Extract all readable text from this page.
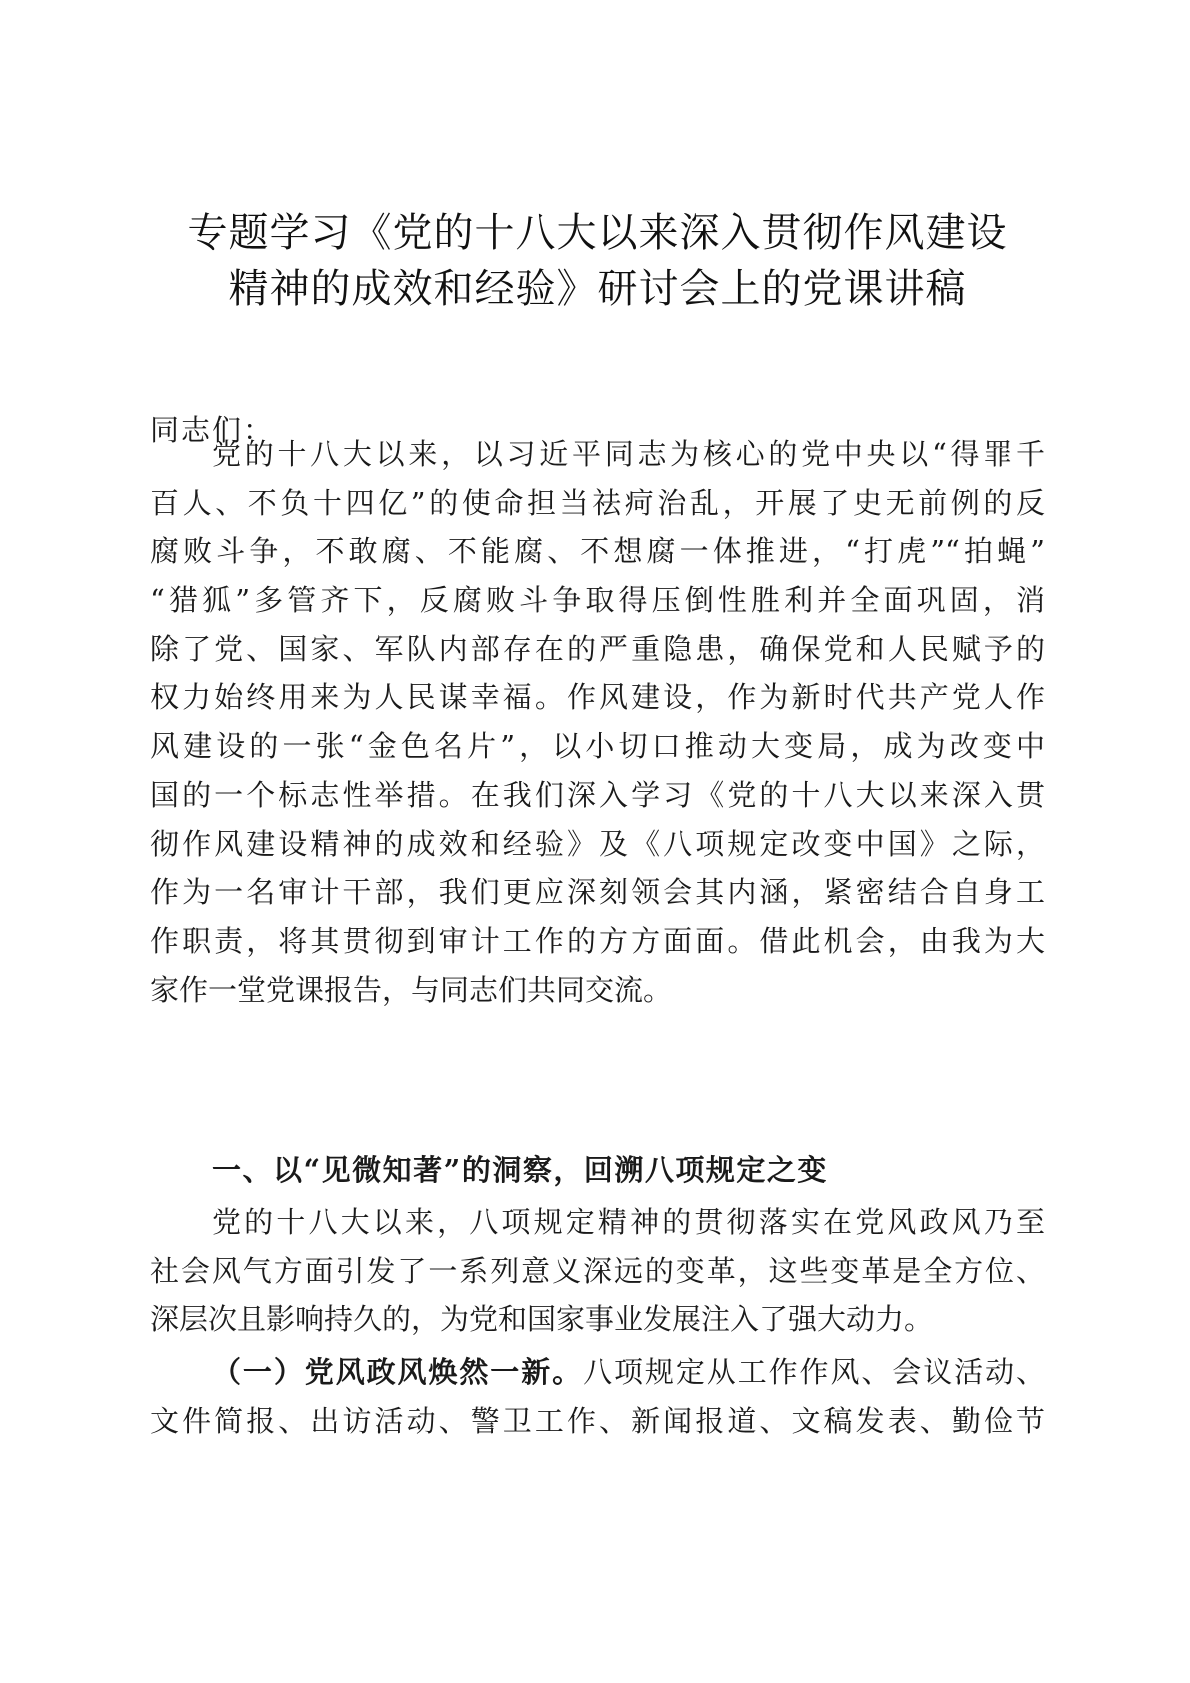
专题学习《党的十八大以来深入贯彻作风建设
精神的成效和经验》研讨会上的党课讲稿
同志们：
党的十八大以来，以习近平同志为核心的党中央以“得罪千
百人、不负十四亿”的使命担当祛疴治乱，开展了史无前例的反
腐败斗争，不敢腐、不能腐、不想腐一体推进，“打虎”“拍蝇”
“猎狐”多管齐下，反腐败斗争取得压倒性胜利并全面巩固，消
除了党、国家、军队内部存在的严重隐患，确保党和人民赋予的
权力始终用来为人民谋幸福。作风建设，作为新时代共产党人作
风建设的一张“金色名片”，以小切口推动大变局，成为改变中
国的一个标志性举措。在我们深入学习《党的十八大以来深入贯
彻作风建设精神的成效和经验》及《八项规定改变中国》之际，
作为一名审计干部，我们更应深刻领会其内涵，紧密结合自身工
作职责，将其贯彻到审计工作的方方面面。借此机会，由我为大
家作一堂党课报告，与同志们共同交流。
一、以“见微知著”的洞察，回溯八项规定之变
党的十八大以来，八项规定精神的贯彻落实在党风政风乃至
社会风气方面引发了一系列意义深远的变革，这些变革是全方位、
深层次且影响持久的，为党和国家事业发展注入了强大动力。
（一）党风政风焕然一新。八项规定从工作作风、会议活动、
文件简报、出访活动、警卫工作、新闻报道、文稿发表、勤俭节
